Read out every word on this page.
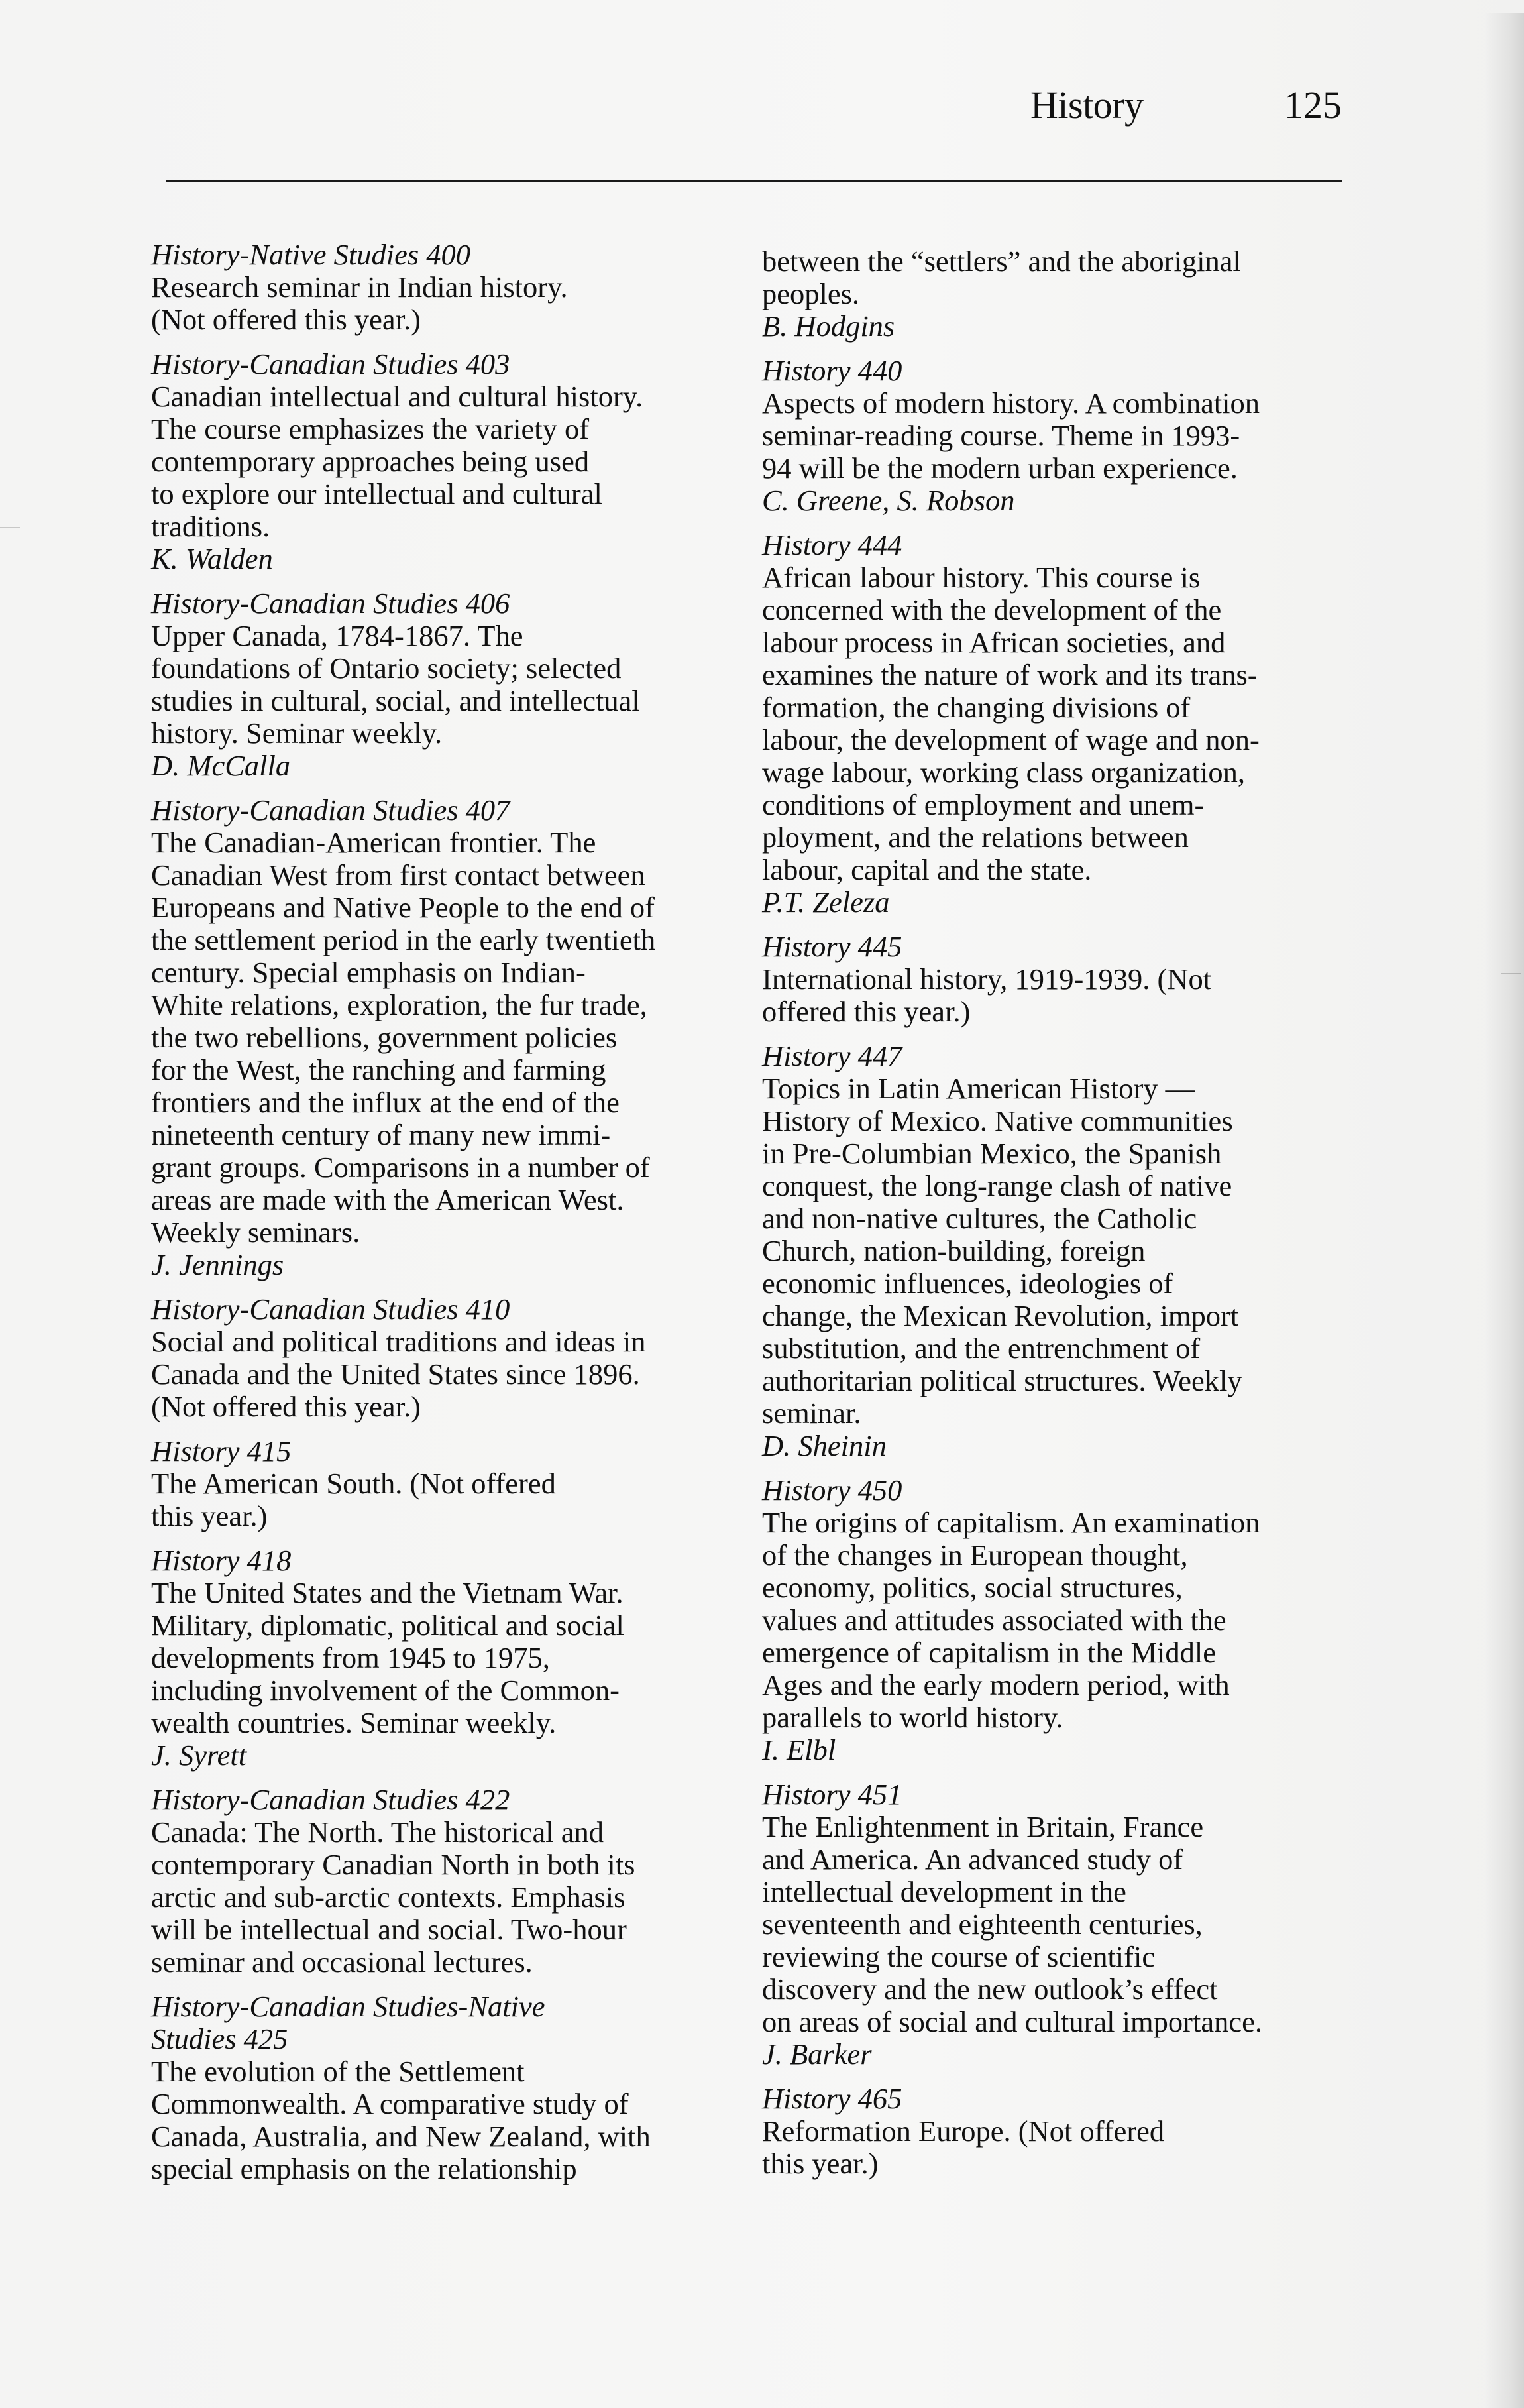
History	125
History-Native Studies 400
Research seminar in Indian history.
(Not offered this year.)
History-Canadian Studies 403
Canadian intellectual and cultural history.
The course emphasizes the variety of
contemporary approaches being used
to explore our intellectual and cultural
traditions.
K. Walden
History-Canadian Studies 406
Upper Canada, 1784-1867. The
foundations of Ontario society; selected
studies in cultural, social, and intellectual
history. Seminar weekly.
D. McCalla
History-Canadian Studies 407
The Canadian-American frontier. The
Canadian West from first contact between
Europeans and Native People to the end of
the settlement period in the early twentieth
century. Special emphasis on Indian-
White relations, exploration, the fur trade,
the two rebellions, government policies
for the West, the ranching and farming
frontiers and the influx at the end of the
nineteenth century of many new immi-
grant groups. Comparisons in a number of
areas are made with the American West.
Weekly seminars.
J. Jennings
History-Canadian Studies 410
Social and political traditions and ideas in
Canada and the United States since 1896.
(Not offered this year.)
History 415
The American South. (Not offered
this year.)
History 418
The United States and the Vietnam War.
Military, diplomatic, political and social
developments from 1945 to 1975,
including involvement of the Common-
wealth countries. Seminar weekly.
J. Syrett
History-Canadian Studies 422
Canada: The North. The historical and
contemporary Canadian North in both its
arctic and sub-arctic contexts. Emphasis
will be intellectual and social. Two-hour
seminar and occasional lectures.
History-Canadian Studies-Native
Studies 425
The evolution of the Settlement
Commonwealth. A comparative study of
Canada, Australia, and New Zealand, with
special emphasis on the relationship
between the “settlers” and the aboriginal
peoples.
B. Hodgins
History 440
Aspects of modern history. A combination
seminar-reading course. Theme in 1993-
94 will be the modern urban experience.
C. Greene, S. Robson
History 444
African labour history. This course is
concerned with the development of the
labour process in African societies, and
examines the nature of work and its trans-
formation, the changing divisions of
labour, the development of wage and non-
wage labour, working class organization,
conditions of employment and unem-
ployment, and the relations between
labour, capital and the state.
P.T. Zeleza
History 445
International history, 1919-1939. (Not
offered this year.)
History 447
Topics in Latin American History —
History of Mexico. Native communities
in Pre-Columbian Mexico, the Spanish
conquest, the long-range clash of native
and non-native cultures, the Catholic
Church, nation-building, foreign
economic influences, ideologies of
change, the Mexican Revolution, import
substitution, and the entrenchment of
authoritarian political structures. Weekly
seminar.
D. Sheinin
History 450
The origins of capitalism. An examination
of the changes in European thought,
economy, politics, social structures,
values and attitudes associated with the
emergence of capitalism in the Middle
Ages and the early modern period, with
parallels to world history.
I. Elbl
History 451
The Enlightenment in Britain, France
and America. An advanced study of
intellectual development in the
seventeenth and eighteenth centuries,
reviewing the course of scientific
discovery and the new outlook’s effect
on areas of social and cultural importance.
J. Barker
History 465
Reformation Europe. (Not offered
this year.)
